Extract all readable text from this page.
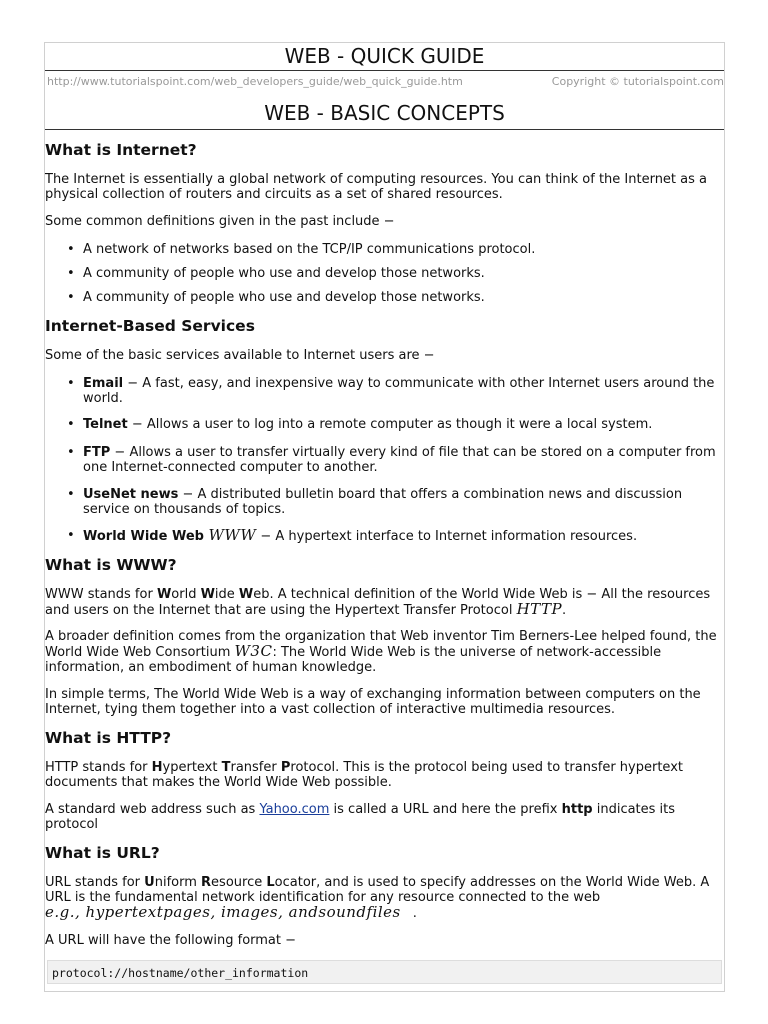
WEB - QUICK GUIDE
http://www.tutorialspoint.com/web_developers_guide/web_quick_guide.htm	Copyright © tutorialspoint.com
WEB - BASIC CONCEPTS
What is Internet?

The Internet is essentially a global network of computing resources. You can think of the Internet as a physical collection of routers and circuits as a set of shared resources.

Some common definitions given in the past include −

• A network of networks based on the TCP/IP communications protocol.
• A community of people who use and develop those networks.
• A community of people who use and develop those networks.
Internet-Based Services

Some of the basic services available to Internet users are −

• Email − A fast, easy, and inexpensive way to communicate with other Internet users around the world.
• Telnet − Allows a user to log into a remote computer as though it were a local system.
• FTP − Allows a user to transfer virtually every kind of file that can be stored on a computer from one Internet-connected computer to another.
• UseNet news − A distributed bulletin board that offers a combination news and discussion service on thousands of topics.
• World Wide Web WWW − A hypertext interface to Internet information resources.
What is WWW?

WWW stands for World Wide Web. A technical definition of the World Wide Web is − All the resources and users on the Internet that are using the Hypertext Transfer Protocol HTTP.

A broader definition comes from the organization that Web inventor Tim Berners-Lee helped found, the World Wide Web Consortium W3C: The World Wide Web is the universe of network-accessible information, an embodiment of human knowledge.

In simple terms, The World Wide Web is a way of exchanging information between computers on the Internet, tying them together into a vast collection of interactive multimedia resources.

What is HTTP?

HTTP stands for Hypertext Transfer Protocol. This is the protocol being used to transfer hypertext documents that makes the World Wide Web possible.

A standard web address such as Yahoo.com is called a URL and here the prefix http indicates its protocol

What is URL?

URL stands for Uniform Resource Locator, and is used to specify addresses on the World Wide Web. A URL is the fundamental network identification for any resource connected to the web
e.g., hypertextpages, images, andsoundfiles .

A URL will have the following format −

protocol://hostname/other_information
